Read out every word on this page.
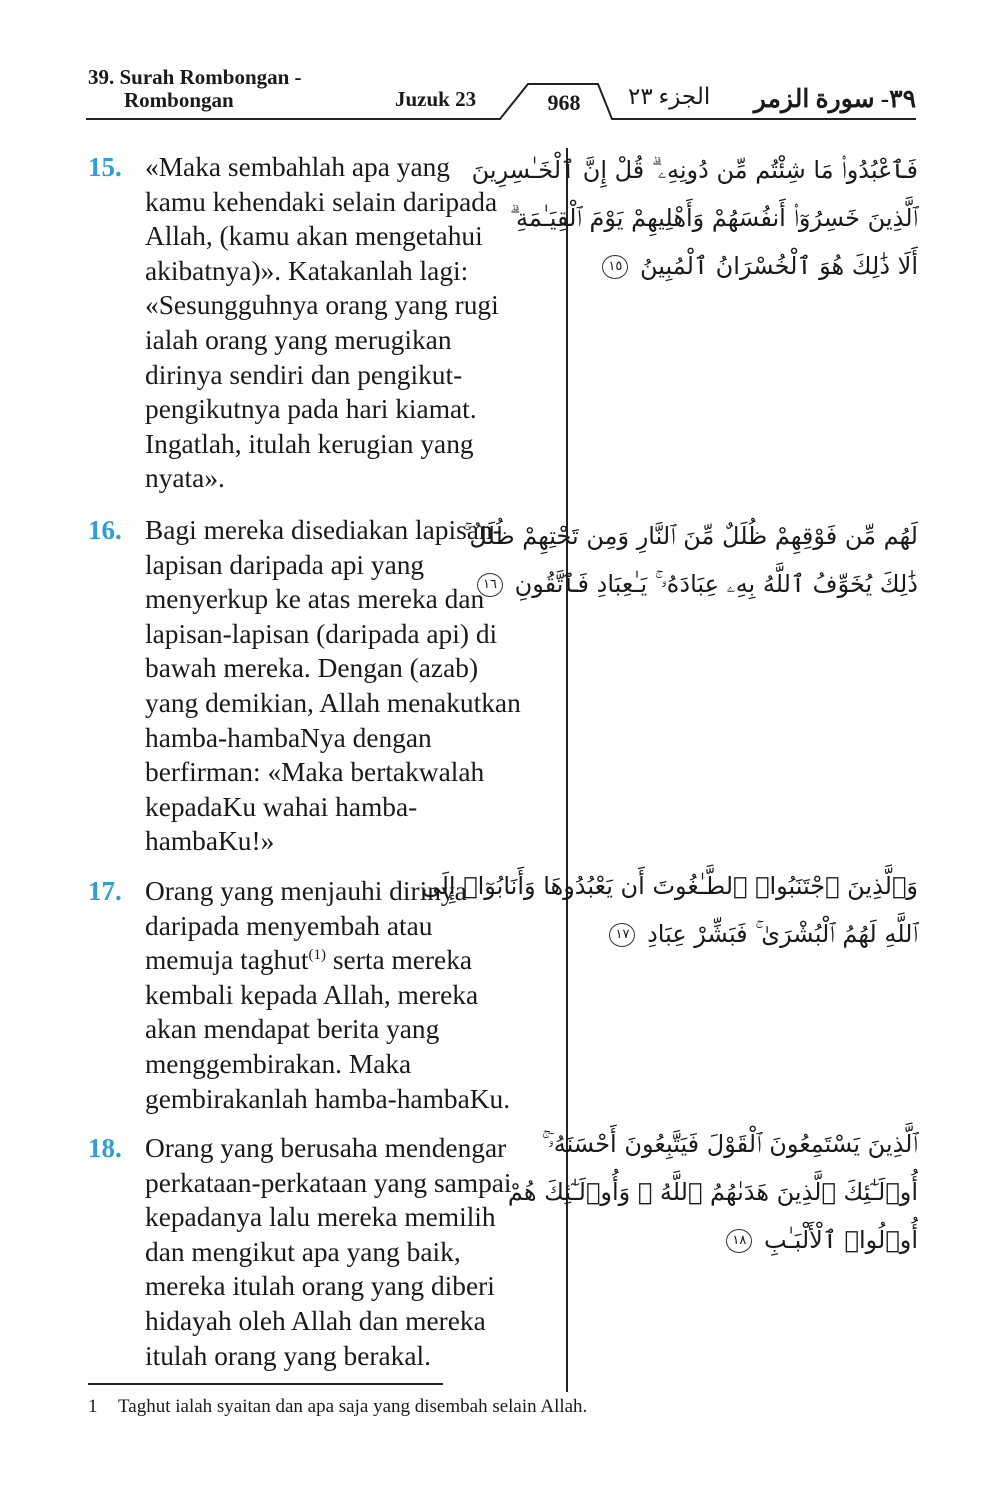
39. Surah Rombongan -
Rombongan	Juzuk 23	968	الجزء ٢٣ ٣٩- سورة الزمر
15. «Maka sembahlah apa yang
kamu kehendaki selain daripada
Allah, (kamu akan mengetahui
akibatnya)». Katakanlah lagi:
«Sesungguhnya orang yang rugi
ialah orang yang merugikan
dirinya sendiri dan pengikut-
pengikutnya pada hari kiamat.
Ingatlah, itulah kerugian yang
nyata».
فَٱعْبُدُوا۟ مَا شِئْتُم مِّن دُونِهِۦ ۗ قُلْ إِنَّ ٱلْخَـٰسِرِينَ
ٱلَّذِينَ خَسِرُوٓا۟ أَنفُسَهُمْ وَأَهْلِيهِمْ يَوْمَ ٱلْقِيَـٰمَةِ ۗ
أَلَا ذَٰلِكَ هُوَ ٱلْخُسْرَانُ ٱلْمُبِينُ ١٥
16. Bagi mereka disediakan lapisan-
lapisan daripada api yang
menyerkup ke atas mereka dan
lapisan-lapisan (daripada api) di
bawah mereka. Dengan (azab)
yang demikian, Allah menakutkan
hamba-hambaNya dengan
berfirman: «Maka bertakwalah
kepadaKu wahai hamba-
hambaKu!»
لَهُم مِّن فَوْقِهِمْ ظُلَلٌ مِّنَ ٱلنَّارِ وَمِن تَحْتِهِمْ ظُلَلٌ ۚ
ذَٰلِكَ يُخَوِّفُ ٱللَّهُ بِهِۦ عِبَادَهُۥ ۚ يَـٰعِبَادِ فَٱتَّقُونِ ١٦
17. Orang yang menjauhi dirinya
daripada menyembah atau
memuja taghut$^{(1)}$ serta mereka
kembali kepada Allah, mereka
akan mendapat berita yang
menggembirakan. Maka
gembirakanlah hamba-hambaKu.
وَٱلَّذِينَ ٱجْتَنَبُوا۟ ٱلطَّـٰغُوتَ أَن يَعْبُدُوهَا وَأَنَابُوٓا۟ إِلَى
ٱللَّهِ لَهُمُ ٱلْبُشْرَىٰ ۚ فَبَشِّرْ عِبَادِ ١٧
18. Orang yang berusaha mendengar
perkataan-perkataan yang sampai
kepadanya lalu mereka memilih
dan mengikut apa yang baik,
mereka itulah orang yang diberi
hidayah oleh Allah dan mereka
itulah orang yang berakal.
ٱلَّذِينَ يَسْتَمِعُونَ ٱلْقَوْلَ فَيَتَّبِعُونَ أَحْسَنَهُۥٓ ۚ
أُو۟لَـٰٓئِكَ ٱلَّذِينَ هَدَىٰهُمُ ٱللَّهُ ۖ وَأُو۟لَـٰٓئِكَ هُمْ
أُو۟لُوا۟ ٱلْأَلْبَـٰبِ ١٨
1 Taghut ialah syaitan dan apa saja yang disembah selain Allah.
